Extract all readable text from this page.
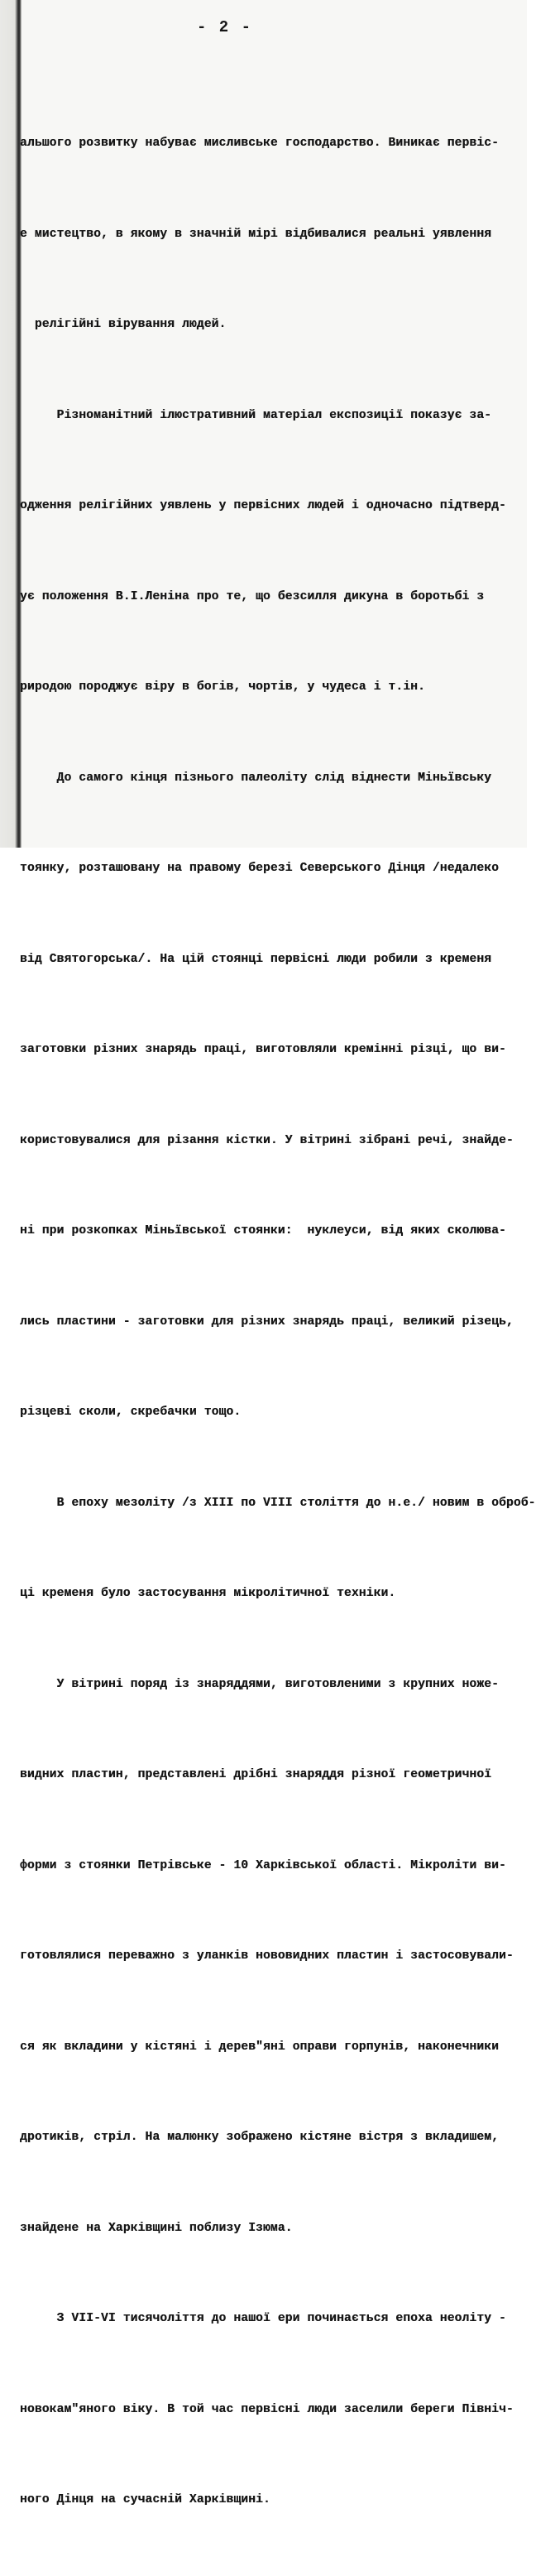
- 2 -

альшого розвитку набуває мисливське господарство. Виникає первіс-

е мистецтво, в якому в значній мірі відбивалися реальні уявлення

релігійні вірування людей.

Різноманітний ілюстративний матеріал експозиції показує за-

одження релігійних уявлень у первісних людей і одночасно підтверд-

ує положення В.І.Леніна про те, що безсилля дикуна в боротьбі з

риродою породжує віру в богів, чортів, у чудеса і т.ін.

До самого кінця пізнього палеоліту слід віднести Міньївську

тоянку, розташовану на правому березі Северського Дінця /недалеко

від Святогорська/. На цій стоянці первісні люди робили з кременя

заготовки різних знарядь праці, виготовляли кремінні різці, що ви-

користовувалися для різання кістки. У вітрині зібрані речі, знайде-

ні при розкопках Міньївської стоянки:  нуклеуси, від яких сколюва-

лись пластини - заготовки для різних знарядь праці, великий різець,

різцеві сколи, скребачки тощо.

В епоху мезоліту /з XIII по VIII століття до н.е./ новим в оброб-

ці кременя було застосування мікролітичної техніки.

У вітрині поряд із знаряддями, виготовленими з крупних ноже-

видних пластин, представлені дрібні знаряддя різної геометричної

форми з стоянки Петрівське - 10 Харківської області. Мікроліти ви-

готовлялися переважно з уланків нововидних пластин і застосовували-

ся як вкладини у кістяні і дерев"яні оправи горпунів, наконечники

дротиків, стріл. На малюнку зображено кістяне вістря з вкладишем,

знайдене на Харківщині поблизу Ізюма.

З VII-VI тисячоліття до нашої ери починається епоха неоліту -

новокам"яного віку. В той час первісні люди заселили береги Північ-

ного Дінця на сучасній Харківщині.
